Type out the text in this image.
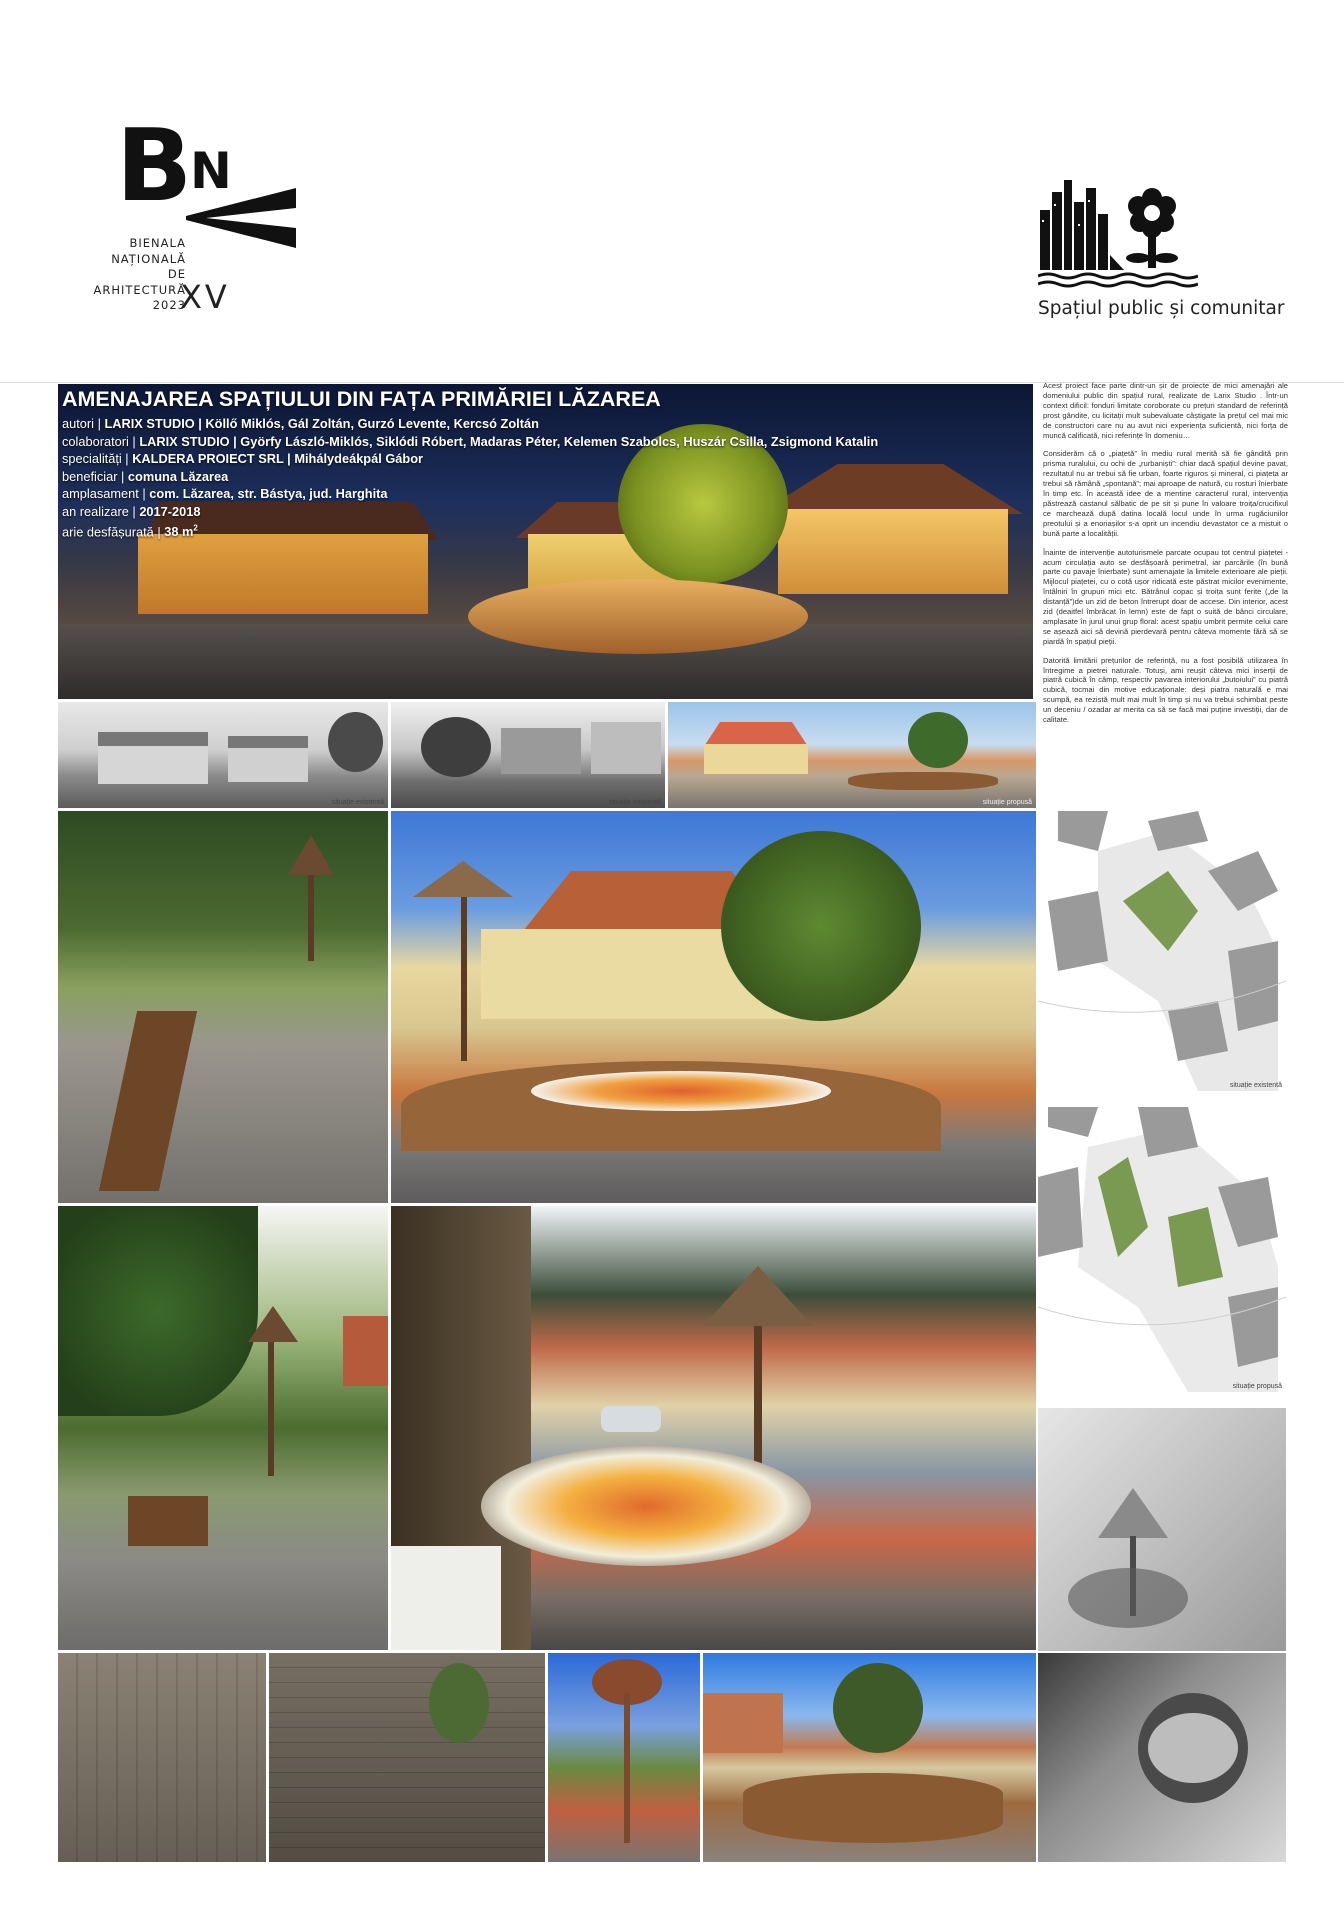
B
N
BIENALA
NAȚIONALĂ
DE
ARHITECTURĂ
2023
XV	Spațiul public și comunitar
AMENAJAREA SPAȚIULUI DIN FAȚA PRIMĂRIEI LĂZAREA
autori | LARIX STUDIO | Köllő Miklós, Gál Zoltán, Gurzó Levente, Kercsó Zoltán
colaboratori | LARIX STUDIO | Györfy László-Miklós, Siklódi Róbert, Madaras Péter, Kelemen Szabolcs, Huszár Csilla, Zsigmond Katalin
specialități | KALDERA PROIECT SRL | Mihálydeákpál Gábor
beneficiar | comuna Lăzarea
amplasament | com. Lăzarea, str. Bástya, jud. Harghita
an realizare | 2017-2018
arie desfășurată | 38 $m^2$
situație existentă	situație existentă	situație propusă
situație existentă
situație propusă

Acest proiect face parte dintr-un șir de proiecte de mici amenajări ale domeniului public din spațiul rural, realizate de Larix Studio . Într-un context dificil: fonduri limitate coroborate cu prețuri standard de referință prost gândite, cu licitații mult subevaluate câștigate la prețul cel mai mic de constructori care nu au avut nici experiența suficientă, nici forța de muncă calificată, nici referințe în domeniu…

Considerăm că o „piațetă” în mediu rural merită să fie gândită prin prisma ruralului, cu ochi de „rurbaniști”: chiar dacă spațiul devine pavat, rezultatul nu ar trebui să fie urban, foarte riguros și mineral, ci piațeta ar trebui să rămână „spontană”; mai aproape de natură, cu rosturi înierbate în timp etc. În această idee de a mentine caracterul rural, intervenția păstrează castanul sălbatic de pe sit și pune în valoare troița/crucifixul ce marchează după datina locală locul unde în urma rugăciunilor preotului și a enoriașilor s-a oprit un incendiu devastator ce a mistuit o bună parte a localității.

Înainte de intervenție autoturismele parcate ocupau tot centrul piațetei - acum circulația auto se desfășoară perimetral, iar parcările (în bună parte cu pavaje înierbate) sunt amenajate la limitele exterioare ale pieții. Mijlocul piațetei, cu o cotă ușor ridicată este păstrat micilor evenimente, întâlniri în grupuri mici etc. Bătrânul copac și troița sunt ferite („de la distanță”)de un zid de beton întrerupt doar de accese. Din interior, acest zid (deaitfel îmbrăcat în lemn) este de fapt o suită de bănci circulare, amplasate în jurul unui grup floral: acest spațiu umbrit permite celui care se așează aici să devină pierdevară pentru câteva momente fără să se piardă în spațiul pieții.

Datorită limitării prețurilor de referință, nu a fost posibilă utilizarea în întregime a pietrei naturale. Totuși, ami reușit câteva mici inserții de piatră cubică în câmp, respectiv pavarea interiorului „butoiului” cu piatră cubică, tocmai din motive educaționale: deși piatra naturală e mai scumpă, ea rezistă mult mai mult în timp și nu va trebui schimbat peste un deceniu / ozadar ar merita ca să se facă mai puține investiții, dar de calitate.
